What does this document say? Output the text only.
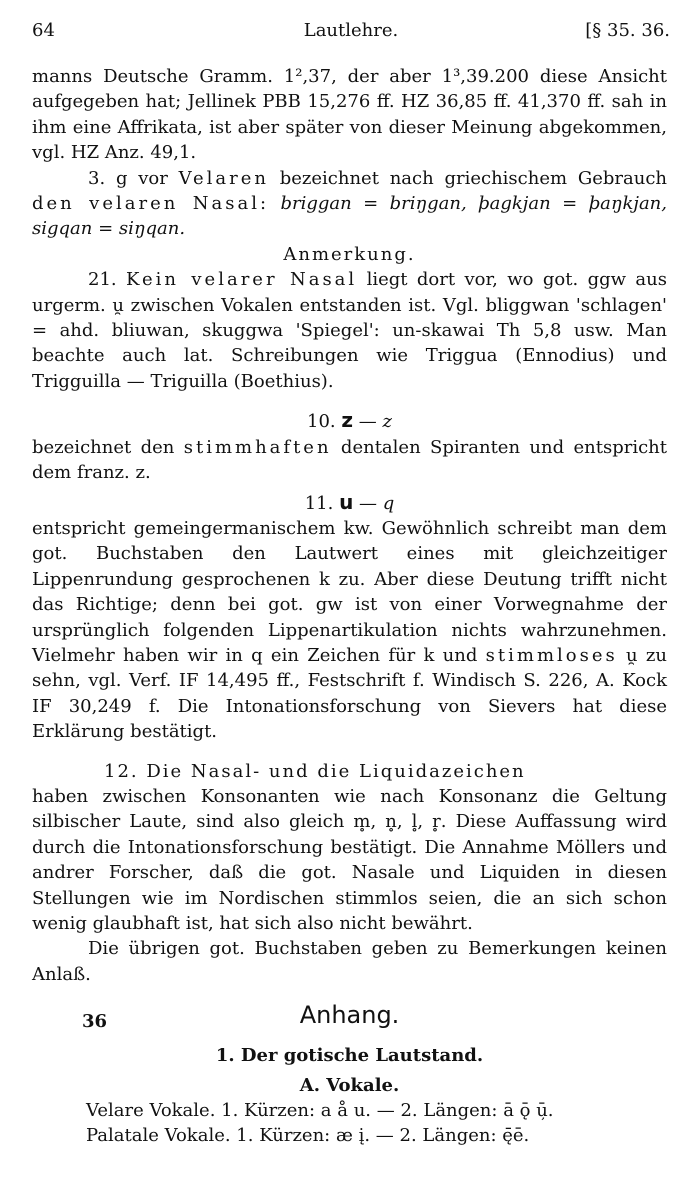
64	Lautlehre.	[§ 35. 36.

manns Deutsche Gramm. 1²,37, der aber 1³,39.200 diese Ansicht aufgegeben hat; Jellinek PBB 15,276 ff. HZ 36,85 ff. 41,370 ff. sah in ihm eine Affrikata, ist aber später von dieser Meinung abgekommen, vgl. HZ Anz. 49,1.

3. g vor Velaren bezeichnet nach griechischem Gebrauch den velaren Nasal: briggan = briŋgan, þagkjan = þaŋkjan, sigqan = siŋqan.

Anmerkung.

21. Kein velarer Nasal liegt dort vor, wo got. ggw aus urgerm. u̯ zwischen Vokalen entstanden ist. Vgl. bliggwan 'schlagen' = ahd. bliuwan, skuggwa 'Spiegel': un-skawai Th 5,8 usw. Man beachte auch lat. Schreibungen wie Triggua (Ennodius) und Trigguilla — Triguilla (Boethius).

10. z — z

bezeichnet den stimmhaften dentalen Spiranten und entspricht dem franz. z.

11. u — q

entspricht gemeingermanischem kw. Gewöhnlich schreibt man dem got. Buchstaben den Lautwert eines mit gleichzeitiger Lippenrundung gesprochenen k zu. Aber diese Deutung trifft nicht das Richtige; denn bei got. gw ist von einer Vorwegnahme der ursprünglich folgenden Lippenartikulation nichts wahrzunehmen. Vielmehr haben wir in q ein Zeichen für k und stimmloses u̯ zu sehn, vgl. Verf. IF 14,495 ff., Festschrift f. Windisch S. 226, A. Kock IF 30,249 f. Die Intonationsforschung von Sievers hat diese Erklärung bestätigt.

12. Die Nasal- und die Liquidazeichen

haben zwischen Konsonanten wie nach Konsonanz die Geltung silbischer Laute, sind also gleich m̥, n̥, l̥, r̥. Diese Auffassung wird durch die Intonationsforschung bestätigt. Die Annahme Möllers und andrer Forscher, daß die got. Nasale und Liquiden in diesen Stellungen wie im Nordischen stimmlos seien, die an sich schon wenig glaubhaft ist, hat sich also nicht bewährt.

Die übrigen got. Buchstaben geben zu Bemerkungen keinen Anlaß.

36	Anhang.

1. Der gotische Lautstand.

A. Vokale.

Velare Vokale. 1. Kürzen: a å u. — 2. Längen: ā ǭ ū̦.

Palatale Vokale. 1. Kürzen: æ į. — 2. Längen: ę̄ē.
